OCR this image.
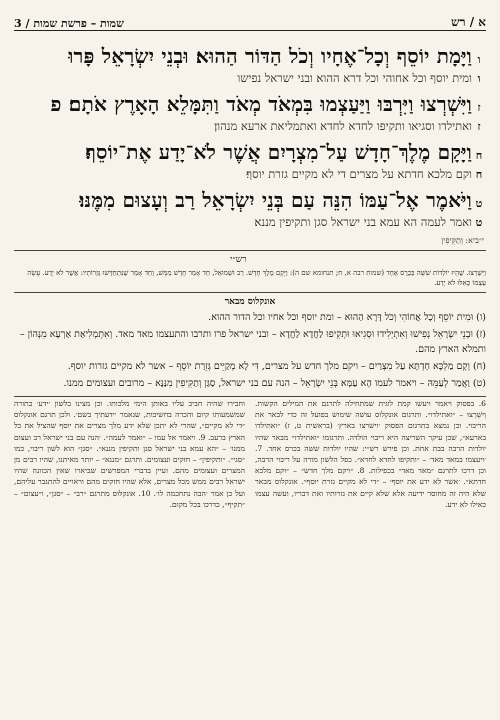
א / רש
שמות – פרשת שמות / 3
ו
וַיָּמָת יוֹסֵף וְכָל־אֶחָיו וְכֹל הַדּוֹר הַהוּא׃ וּבְנֵי יִשְׂרָאֵל פָּרוּ
ו
ומית יוסף וכל אחוהי וכל דרא ההוא׃ ובני ישראל נפישו
ז
וַיִּשְׁרְצוּ וַיִּרְבּוּ וַיַּעַצְמוּ בִּמְאֹד מְאֹד וַתִּמָּלֵא הָאָרֶץ אֹתָם׃ פ
ז
ואתילדו וסגיאו ותקיפו לחדא לחדא ואתמליאת ארעא מנהון׃
ח
וַיָּקָם מֶלֶךְ־חָדָשׁ עַל־מִצְרָיִם אֲשֶׁר לֹא־יָדַע אֶת־יוֹסֵף׃
ח
וקם מלכא חדתא על מצרים די לא מקיים גזרת יוסף׃
ט
וַיֹּאמֶר אֶל־עַמּוֹ הִנֵּה עַם בְּנֵי יִשְׂרָאֵל רַב וְעָצוּם מִמֶּנּוּ׃
ט
ואמר לעמה הא עמא בני ישראל סגן ותקיפין מננא׃
י״ביא: וְתַקִּיפִין
רש״י
וַיִּשְׁרְצוּ. שֶׁהָיוּ יוֹלְדוֹת שִׁשָּׁה בְּכֶרֶס אֶחָד (שמות רבה א, ח; תנחומא שם ה): וַיָּקָם מֶלֶךְ חָדָשׁ. רַב וּשְׁמוּאֵל, חַד אָמַר חָדָשׁ מַמָּשׁ, וְחַד אָמַר שֶׁנִּתְחַדְּשׁוּ גְּזֵרוֹתָיו: אֲשֶׁר לֹא יָדַע. עָשָׂה עַצְמוֹ כְּאִלּוּ לֹא יָדַע.
אונקלוס מבאר

(ו) וּמִית יוֹסֵף וְכָל אֲחוֹהִי וְכֹל דָּרָא הַהוּא – ומת יוסף וכל אחיו וכל הדור ההוא.

(ז) וּבְנֵי יִשְׂרָאֵל נְפִישׁוּ וְאִתְיְלִידוּ וּסְגִיאוּ וּתְקִיפוּ לַחֲדָא לַחֲדָא – ובני ישראל פרו ותרבו והתעצמו מאד מאד. וְאִתְמְלִיאַת אַרְעָא מִנְּהוֹן – ותמלא הארץ מהם.

(ח) וְקָם מַלְכָּא חַדְתָּא עַל מִצְרַיִם – ויקם מלך חדש על מצרים, דִּי לָא מְקַיֵּים גְּזֵרַת יוֹסֵף – אשר לא מקיים גזרות יוסף.

(ט) וַאֲמַר לְעַמֵּהּ – ויאמר לעמו הָא עַמָּא בְּנֵי יִשְׂרָאֵל – הנה עם בני ישראל, סַגַּן וְתַקִּיפִין מִנַּנָּא – מרובים ועצומים ממנו.

וחבירו שהיה חביב עליו באותן הימי מלכותו. וכן מצינו בלשון ׳ידע׳ בתורה שמשמעותו קיום והכרה בחשיבות, שנאמר ׳ידעתיך בשם׳. ולכן תרגם אונקלוס ״די לא מקיים״, שהרי לא יתכן שלא ידע מלך מצרים את יוסף שהציל את כל הארץ ברעב. 9. ויאמר אל עמו – ״ואמר לעמה״. ׳הנה עם בני ישראל רב ועצום ממנו׳ – ״הא עמא בני ישראל סגן ותקיפין מננא״. ״סגן״ הוא לשון ריבוי, כמו ״סגי״. ״ותקיפין״ – חזקים ועצומים. ותרגם ״מננא״ – יותר מאיתנו, שהיו רבים מן המצרים ועצומים מהם. ועיין בדברי המפרשים שביארו שאין הכוונה שהיו ישראל רבים ממש מכל מצרים, אלא שהיו חזקים מהם וראויים להתגבר עליהם, ועל כן אמר ׳הבה נתחכמה לו׳. 10. אונקלוס מתרגם ״רב״ – ״סגן״, ו״עצום״ – ״תקיף״, כדרכו בכל מקום.
6. בפסוק ויאמר ויעשו קמת לוגית שמתחילה לתרגם את המילים הקשות. וְיִשְׁרְצוּ – ״ואתילדו״. ותרגום אונקלוס עושה שימוש בפועל זה כדי לבאר את הריבוי. וכן נמצא בתרגום הפסוק ׳וישרצו בארץ׳ (בראשית ט, ז) ״ואתילדו בארעא״, שכן עיקר השריצה היא ריבוי הולדה. ותרגומו ״ואתילדו״ מבאר שהיו יולדות הרבה בבת אחת. וכן פירש רש״י: שהיו יולדות ששה בכרס אחד. 7. ׳ויעצמו במאד מאד׳ – ״ותקיפו לחדא לחדא״. כפל הלשון מורה על ריבוי הרבה, וכן דרכו לתרגם ״מאד מאד״ בכפילות. 8. ״ויקם מלך חדש״ – ״וקם מלכא חדתא״. ׳אשר לא ידע את יוסף׳ – ״די לא מקיים גזרת יוסף״. אונקלוס מבאר שלא היה זה מחוסר ידיעה אלא שלא קיים את גזרותיו ואת דבריו, ועשה עצמו כאילו לא ידע.
